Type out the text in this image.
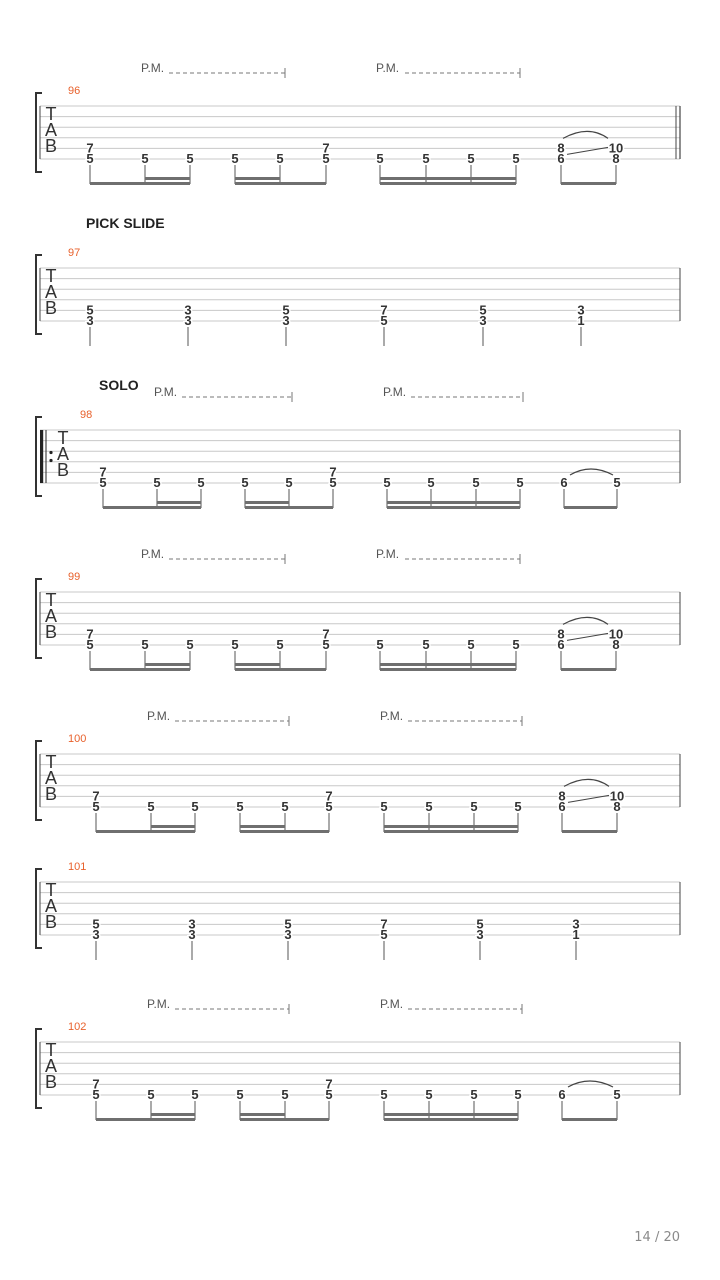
T
A
B
96
P.M.	P.M.
7
5	5	5	5	5
7
5	5	5	5	5
8
6
10
8
T
A
B
97
PICK SLIDE
5
3
3
3
5
3
7
5
5
3
3
1
T
A
B
98
SOLO P.M.	P.M.
7
5	5	5	5	5
7
5	5	5	5	5	6	5
T
A
B
99
P.M.	P.M.
7
5	5	5	5	5
7
5	5	5	5	5
8
6
10
8
T
A
B
100
P.M.	P.M.
7
5	5	5	5	5
7
5	5	5	5	5
8
6
10
8
T
A
B
101
5
3
3
3
5
3
7
5
5
3
3
1
T
A
B
102
P.M.	P.M.
7
5	5	5	5	5
7
5	5	5	5	5	6	5
14 / 20
